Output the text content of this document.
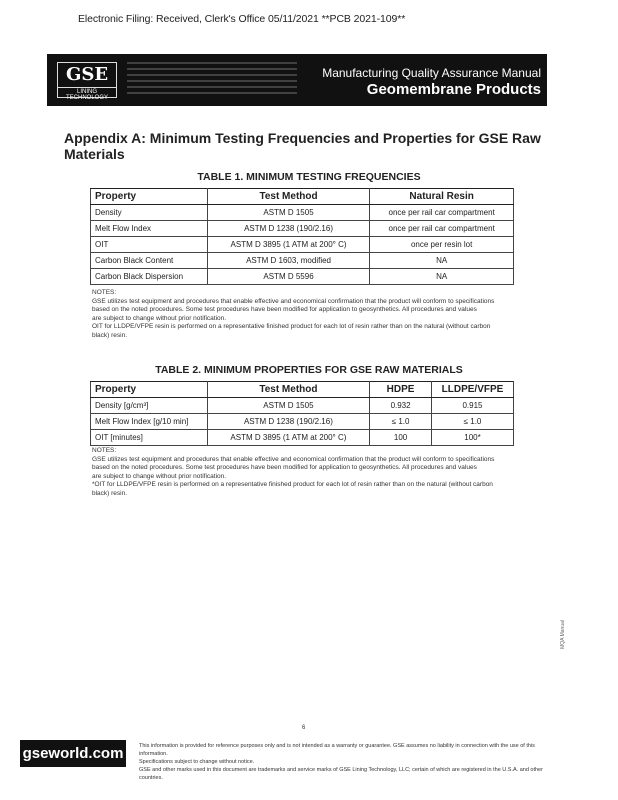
Electronic Filing: Received, Clerk's Office 05/11/2021 **PCB 2021-109**
GSE
LINING TECHNOLOGY
Manufacturing Quality Assurance Manual
Geomembrane Products
Appendix A: Minimum Testing Frequencies and Properties for GSE Raw Materials
TABLE 1. MINIMUM TESTING FREQUENCIES
Property	Test Method	Natural Resin
Density	ASTM D 1505	once per rail car compartment
Melt Flow Index	ASTM D 1238 (190/2.16)	once per rail car compartment
OIT	ASTM D 3895 (1 ATM at 200° C)	once per resin lot
Carbon Black Content	ASTM D 1603, modified	NA
Carbon Black Dispersion	ASTM D 5596	NA
NOTES:
GSE utilizes test equipment and procedures that enable effective and economical confirmation that the product will conform to specifications
based on the noted procedures. Some test procedures have been modified for application to geosynthetics. All procedures and values
are subject to change without prior notification.
OIT for LLDPE/VFPE resin is performed on a representative finished product for each lot of resin rather than on the natural (without carbon
black) resin.
TABLE 2. MINIMUM PROPERTIES FOR GSE RAW MATERIALS
Property	Test Method	HDPE	LLDPE/VFPE
Density [g/cm³]	ASTM D 1505	0.932	0.915
Melt Flow Index [g/10 min]	ASTM D 1238 (190/2.16)	≤ 1.0	≤ 1.0
OIT [minutes]	ASTM D 3895 (1 ATM at 200° C)	100	100*
NOTES:
GSE utilizes test equipment and procedures that enable effective and economical confirmation that the product will conform to specifications
based on the noted procedures. Some test procedures have been modified for application to geosynthetics. All procedures and values
are subject to change without prior notification.
*OIT for LLDPE/VFPE resin is performed on a representative finished product for each lot of resin rather than on the natural (without carbon
black) resin.
MQA Manual
6
gseworld.com	This information is provided for reference purposes only and is not intended as a warranty or guarantee. GSE assumes no liability in connection with the use of this information.
Specifications subject to change without notice.
GSE and other marks used in this document are trademarks and service marks of GSE Lining Technology, LLC; certain of which are registered in the U.S.A. and other countries.
